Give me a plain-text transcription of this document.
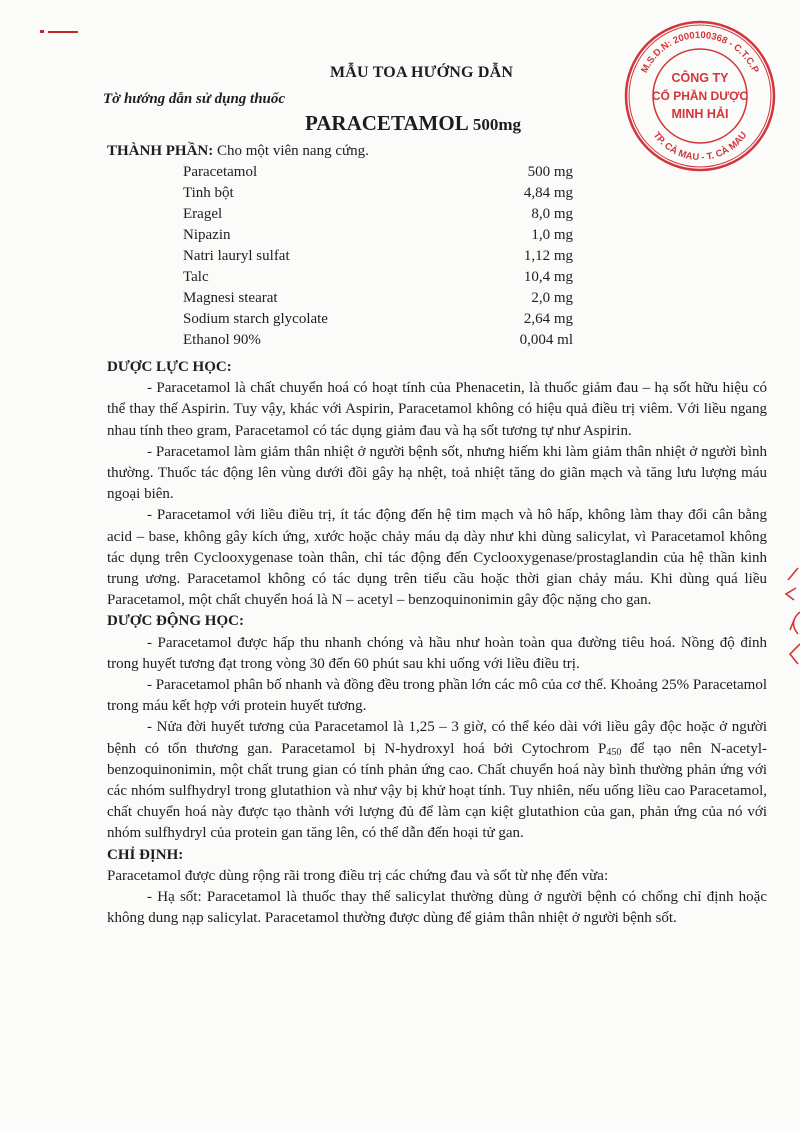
M.S.D.N: 2000100368 - C.T.C.P
TP. CÀ MAU - T. CÀ MAU
CÔNG TY
CỔ PHẦN DƯỢC
MINH HẢI
MẪU TOA HƯỚNG DẪN
Tờ hướng dẫn sử dụng thuốc
PARACETAMOL 500mg
THÀNH PHẦN: Cho một viên nang cứng.
Paracetamol	500 mg
Tinh bột	4,84 mg
Eragel	8,0 mg
Nipazin	1,0 mg
Natri lauryl sulfat	1,12 mg
Talc	10,4 mg
Magnesi stearat	2,0 mg
Sodium starch glycolate	2,64 mg
Ethanol 90%	0,004 ml

DƯỢC LỰC HỌC:

- Paracetamol là chất chuyển hoá có hoạt tính của Phenacetin, là thuốc giảm đau – hạ sốt hữu hiệu có thể thay thế Aspirin. Tuy vậy, khác với Aspirin, Paracetamol không có hiệu quả điều trị viêm. Với liều ngang nhau tính theo gram, Paracetamol có tác dụng giảm đau và hạ sốt tương tự như Aspirin.

- Paracetamol làm giảm thân nhiệt ở người bệnh sốt, nhưng hiếm khi làm giảm thân nhiệt ở người bình thường. Thuốc tác động lên vùng dưới đồi gây hạ nhệt, toả nhiệt tăng do giãn mạch và tăng lưu lượng máu ngoại biên.

- Paracetamol với liều điều trị, ít tác động đến hệ tim mạch và hô hấp, không làm thay đổi cân bằng acid – base, không gây kích ứng, xước hoặc chảy máu dạ dày như khi dùng salicylat, vì Paracetamol không tác dụng trên Cyclooxygenase toàn thân, chỉ tác động đến Cyclooxygenase/prostaglandin của hệ thần kinh trung ương. Paracetamol không có tác dụng trên tiểu cầu hoặc thời gian chảy máu. Khi dùng quá liều Paracetamol, một chất chuyển hoá là N – acetyl – benzoquinonimin gây độc nặng cho gan.

DƯỢC ĐỘNG HỌC:

- Paracetamol được hấp thu nhanh chóng và hầu như hoàn toàn qua đường tiêu hoá. Nồng độ đỉnh trong huyết tương đạt trong vòng 30 đến 60 phút sau khi uống với liều điều trị.

- Paracetamol phân bố nhanh và đồng đều trong phần lớn các mô của cơ thể. Khoảng 25% Paracetamol trong máu kết hợp với protein huyết tương.

- Nửa đời huyết tương của Paracetamol là 1,25 – 3 giờ, có thể kéo dài với liều gây độc hoặc ở người bệnh có tổn thương gan. Paracetamol bị N-hydroxyl hoá bởi Cytochrom $P_{450}$ để tạo nên N-acetyl-benzoquinonimin, một chất trung gian có tính phản ứng cao. Chất chuyển hoá này bình thường phản ứng với các nhóm sulfhydryl trong glutathion và như vậy bị khử hoạt tính. Tuy nhiên, nếu uống liều cao Paracetamol, chất chuyển hoá này được tạo thành với lượng đủ để làm cạn kiệt glutathion của gan, phản ứng của nó với nhóm sulfhydryl của protein gan tăng lên, có thể dẫn đến hoại tử gan.

CHỈ ĐỊNH:

Paracetamol được dùng rộng rãi trong điều trị các chứng đau và sốt từ nhẹ đến vừa:

- Hạ sốt: Paracetamol là thuốc thay thế salicylat thường dùng ở người bệnh có chống chỉ định hoặc không dung nạp salicylat. Paracetamol thường được dùng để giảm thân nhiệt ở người bệnh sốt.
